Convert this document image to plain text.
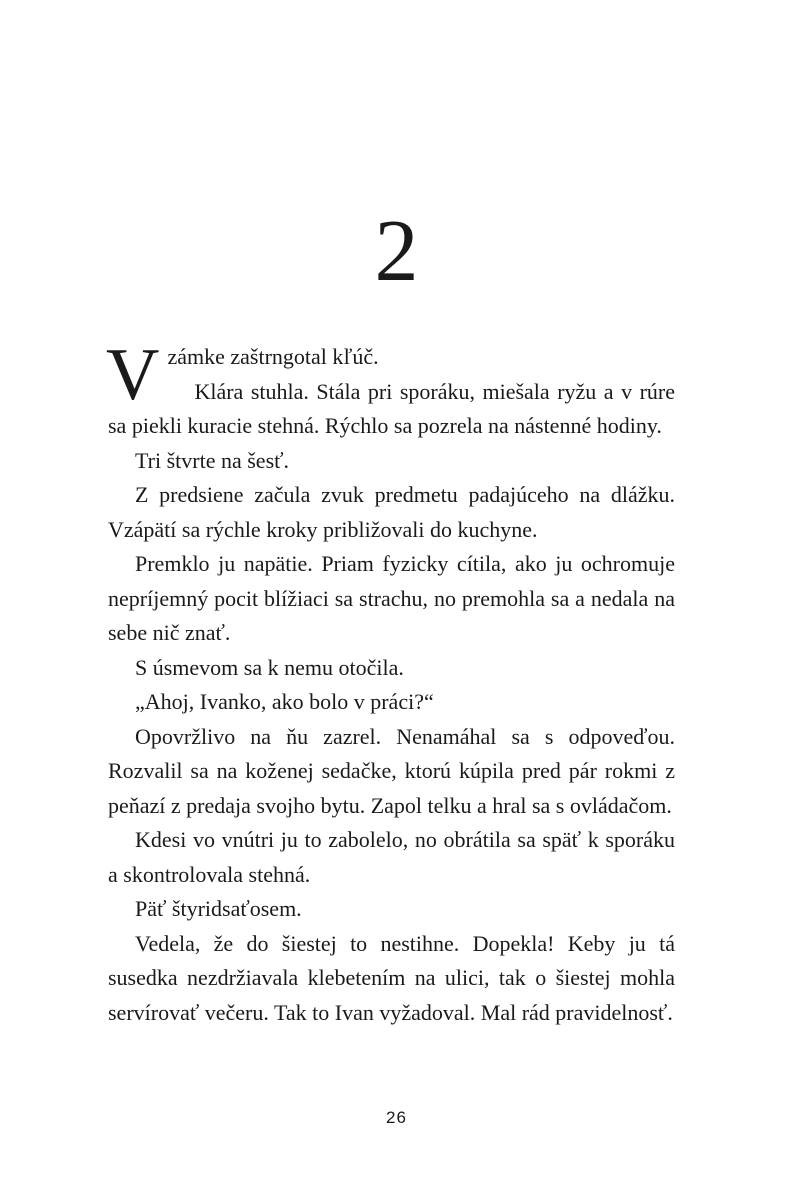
2

Vzámke zaštrngotal kľúč.

Klára stuhla. Stála pri sporáku, miešala ryžu a v rúre sa piekli kuracie stehná. Rýchlo sa pozrela na nástenné hodiny.

Tri štvrte na šesť.

Z predsiene začula zvuk predmetu padajúceho na dlážku. Vzápätí sa rýchle kroky približovali do kuchyne.

Premklo ju napätie. Priam fyzicky cítila, ako ju ochromuje nepríjemný pocit blížiaci sa strachu, no premohla sa a nedala na sebe nič znať.

S úsmevom sa k nemu otočila.

„Ahoj, Ivanko, ako bolo v práci?“

Opovržlivo na ňu zazrel. Nenamáhal sa s odpoveďou. Rozvalil sa na koženej sedačke, ktorú kúpila pred pár rokmi z peňazí z predaja svojho bytu. Zapol telku a hral sa s ovládačom.

Kdesi vo vnútri ju to zabolelo, no obrátila sa späť k sporáku a skontrolovala stehná.

Päť štyridsaťosem.

Vedela, že do šiestej to nestihne. Dopekla! Keby ju tá susedka nezdržiavala klebetením na ulici, tak o šiestej mohla servírovať večeru. Tak to Ivan vyžadoval. Mal rád pravidelnosť.

26
